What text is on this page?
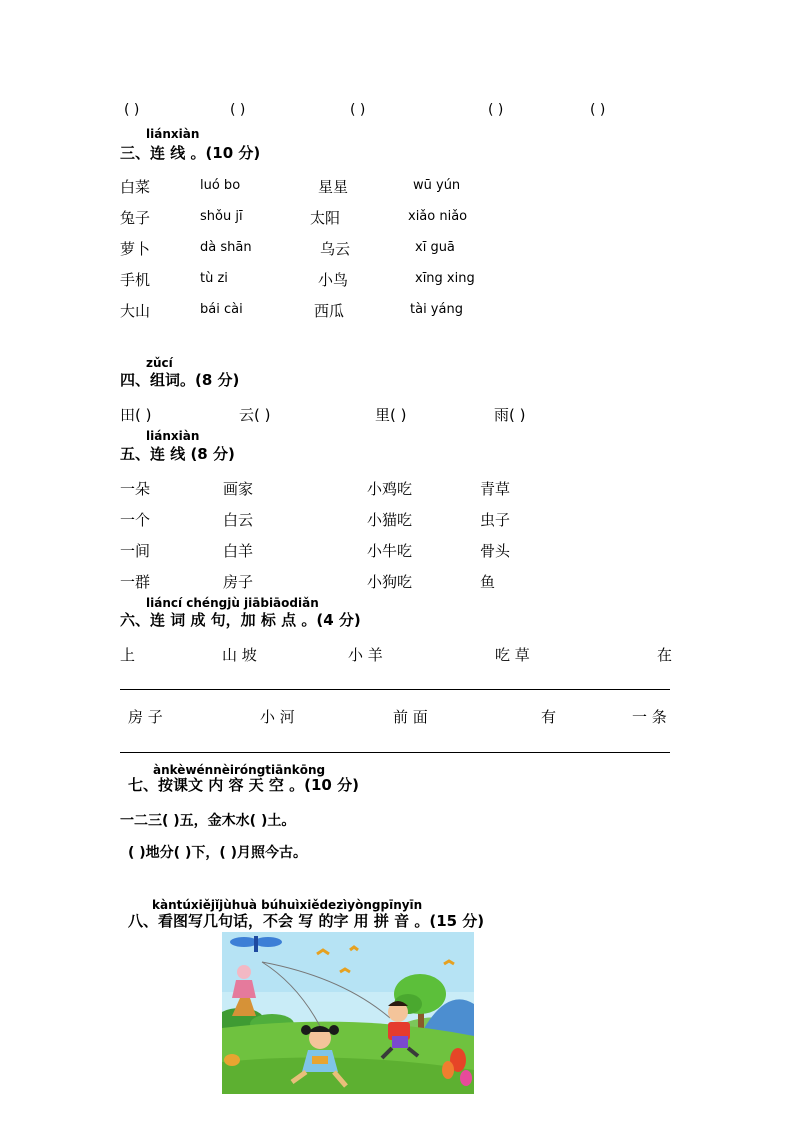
( )	( )	( )	( )	( )
liánxiàn
三、连 线 。(10 分)
白菜	luó bo	星星	wū yún
兔子	shǒu jī	太阳	xiǎo niǎo
萝卜	dà shān	乌云	xī guā
手机	tù zi	小鸟	xīng xing
大山	bái cài	西瓜	tài yáng
zǔcí
四、组词。(8 分)
田( )	云( )	里( )	雨( )
liánxiàn
五、连 线 (8 分)
一朵	画家	小鸡吃	青草
一个	白云	小猫吃	虫子
一间	白羊	小牛吃	骨头
一群	房子	小狗吃	鱼
liáncí chéngjù jiābiāodiǎn
六、连 词 成 句，加 标 点 。(4 分)
上	山 坡	小 羊	吃 草	在
房 子	小 河	前 面	有	一 条
ànkèwénnèiróngtiānkōng
七、按课文 内 容 天 空 。(10 分)
一二三( )五，金木水( )土。
( )地分( )下，( )月照今古。
kàntúxiějǐjùhuà búhuìxiědezìyòngpīnyīn
八、看图写几句话，不会 写 的字 用 拼 音 。(15 分)
